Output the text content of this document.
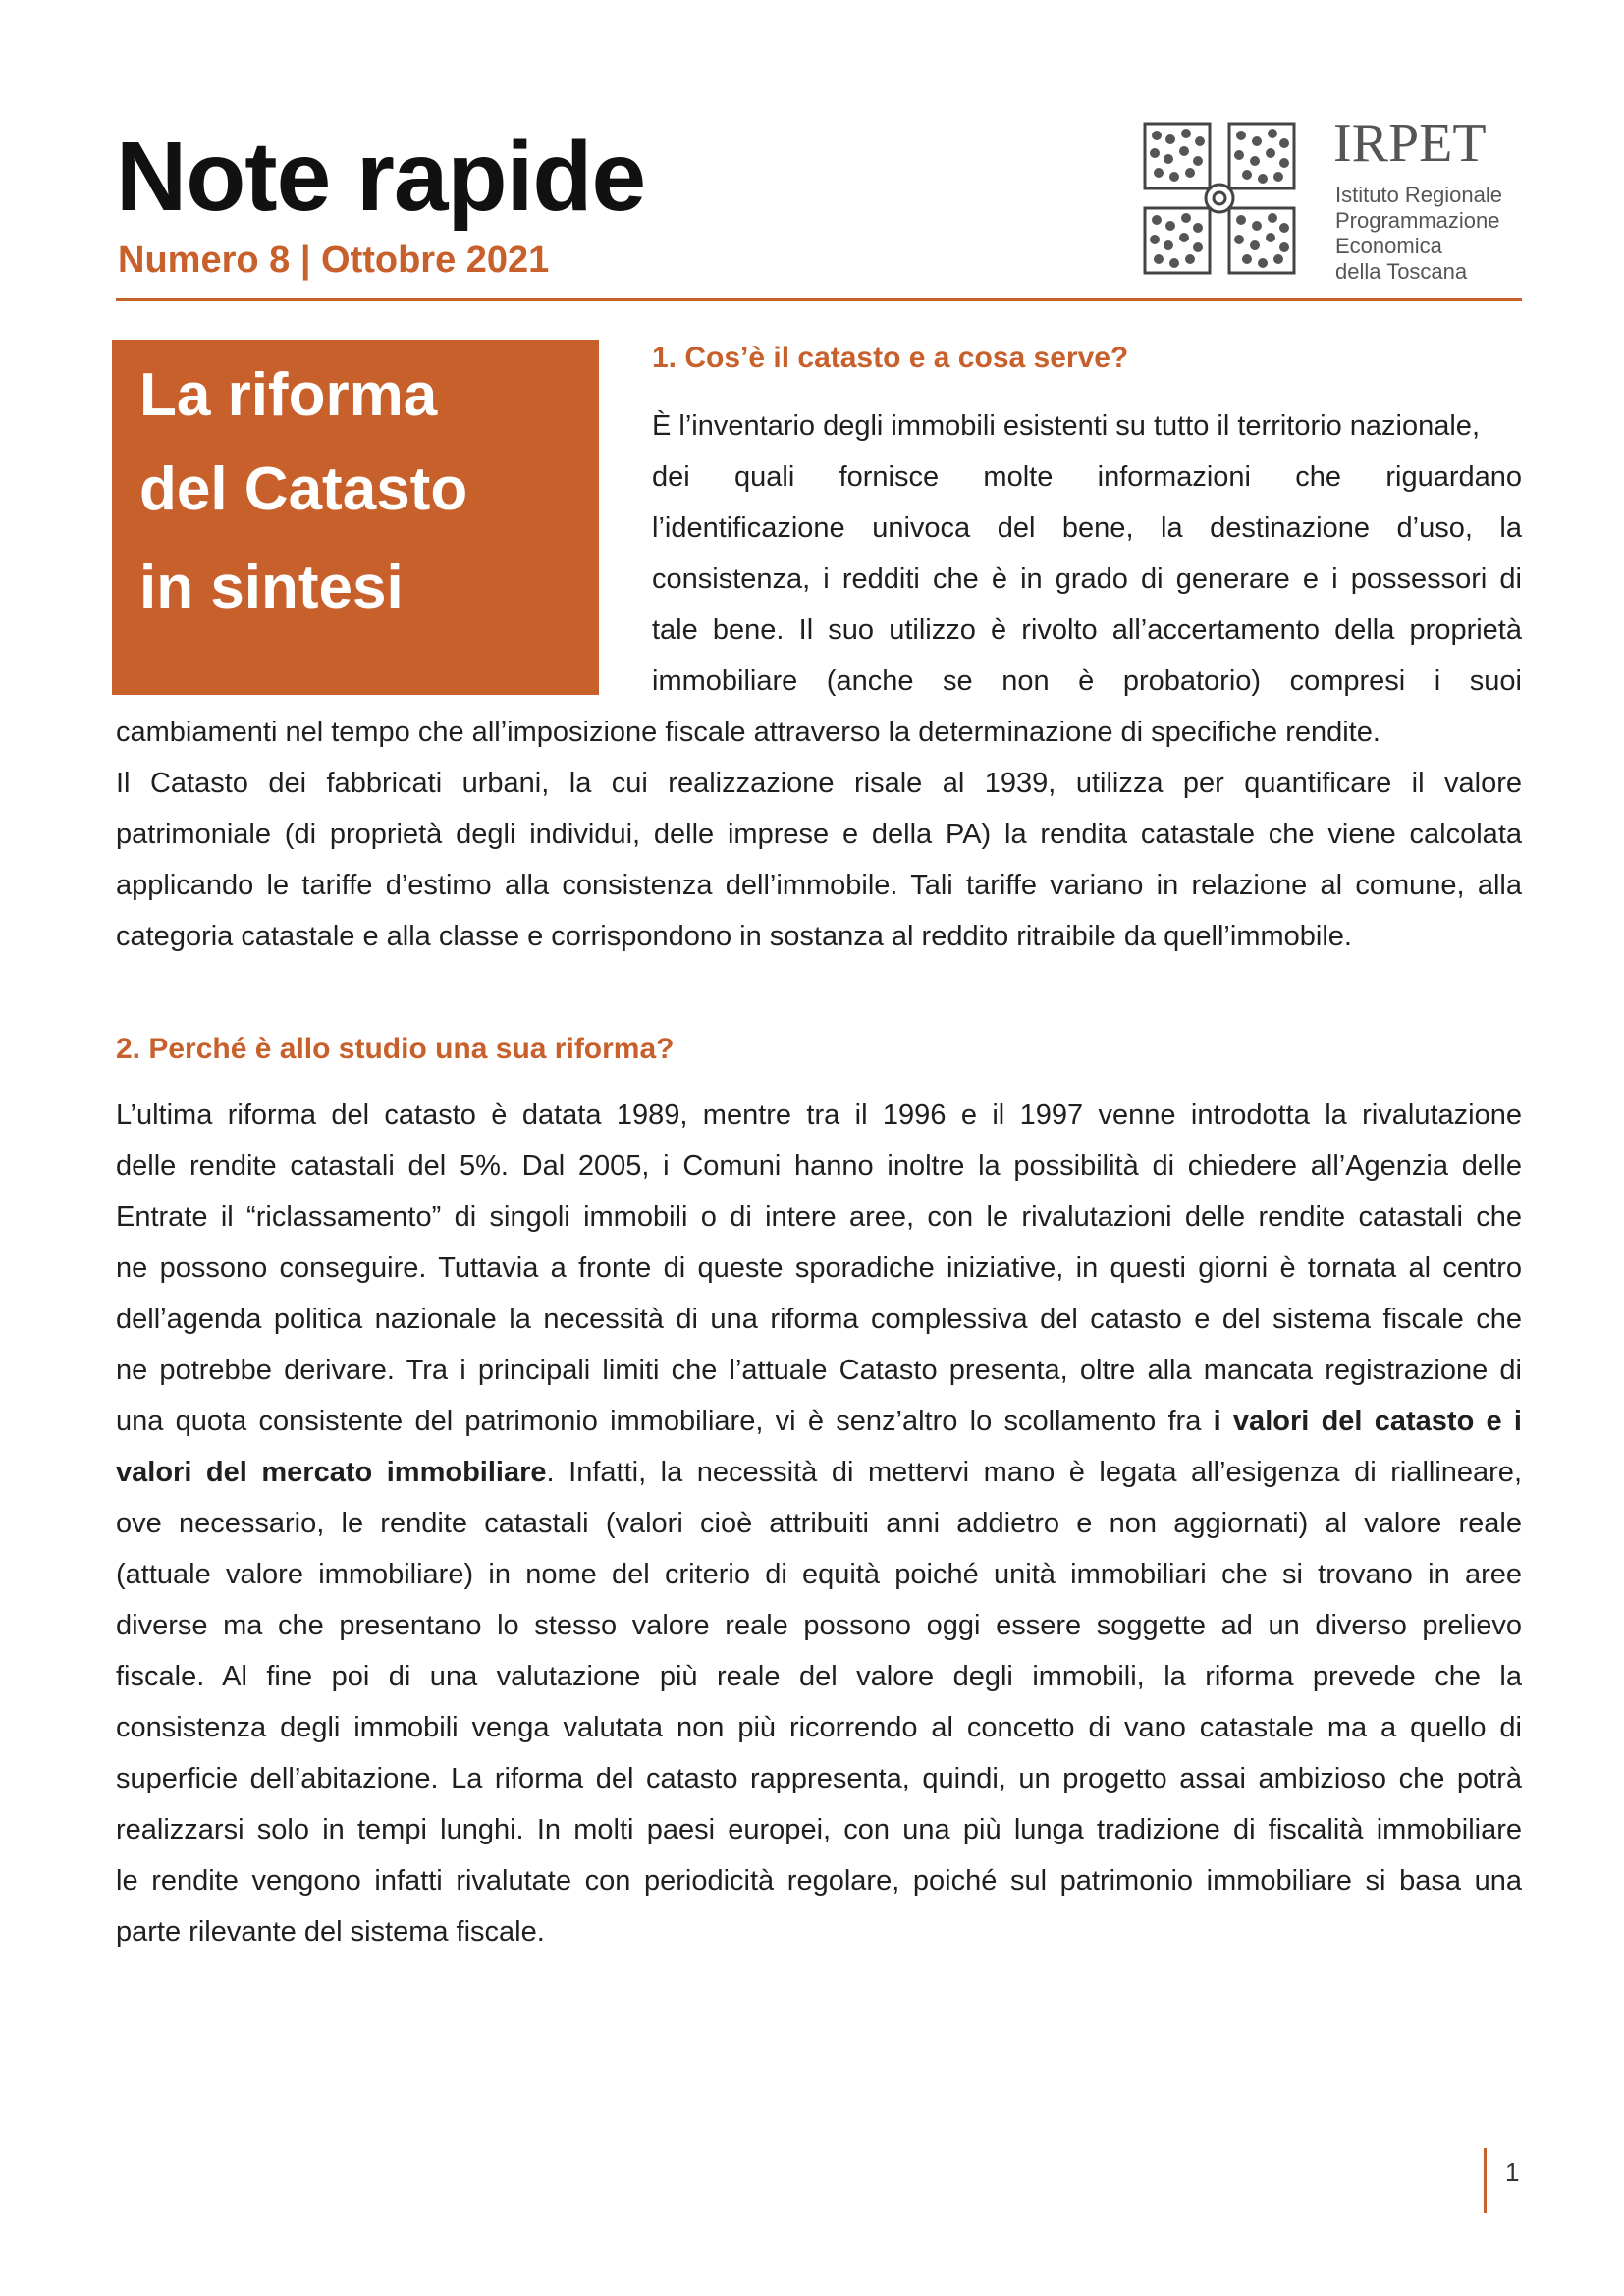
Note rapide
Numero 8 | Ottobre 2021
IRPET
Istituto Regionale
Programmazione
Economica
della Toscana
La riforma
del Catasto
in sintesi
1. Cos’è il catasto e a cosa serve?
È l’inventario degli immobili esistenti su tutto il territorio nazionale,
dei quali fornisce molte informazioni che riguardano
l’identificazione univoca del bene, la destinazione d’uso, la
consistenza, i redditi che è in grado di generare e i possessori di
tale bene. Il suo utilizzo è rivolto all’accertamento della proprietà
immobiliare (anche se non è probatorio) compresi i suoi
cambiamenti nel tempo che all’imposizione fiscale attraverso la determinazione di specifiche rendite.
Il Catasto dei fabbricati urbani, la cui realizzazione risale al 1939, utilizza per quantificare il valore
patrimoniale (di proprietà degli individui, delle imprese e della PA) la rendita catastale che viene calcolata
applicando le tariffe d’estimo alla consistenza dell’immobile. Tali tariffe variano in relazione al comune, alla
categoria catastale e alla classe e corrispondono in sostanza al reddito ritraibile da quell’immobile.
2. Perché è allo studio una sua riforma?
L’ultima riforma del catasto è datata 1989, mentre tra il 1996 e il 1997 venne introdotta la rivalutazione
delle rendite catastali del 5%. Dal 2005, i Comuni hanno inoltre la possibilità di chiedere all’Agenzia delle
Entrate il “riclassamento” di singoli immobili o di intere aree, con le rivalutazioni delle rendite catastali che
ne possono conseguire. Tuttavia a fronte di queste sporadiche iniziative, in questi giorni è tornata al centro
dell’agenda politica nazionale la necessità di una riforma complessiva del catasto e del sistema fiscale che
ne potrebbe derivare. Tra i principali limiti che l’attuale Catasto presenta, oltre alla mancata registrazione di
una quota consistente del patrimonio immobiliare, vi è senz’altro lo scollamento fra i valori del catasto e i
valori del mercato immobiliare. Infatti, la necessità di mettervi mano è legata all’esigenza di riallineare,
ove necessario, le rendite catastali (valori cioè attribuiti anni addietro e non aggiornati) al valore reale
(attuale valore immobiliare) in nome del criterio di equità poiché unità immobiliari che si trovano in aree
diverse ma che presentano lo stesso valore reale possono oggi essere soggette ad un diverso prelievo
fiscale. Al fine poi di una valutazione più reale del valore degli immobili, la riforma prevede che la
consistenza degli immobili venga valutata non più ricorrendo al concetto di vano catastale ma a quello di
superficie dell’abitazione. La riforma del catasto rappresenta, quindi, un progetto assai ambizioso che potrà
realizzarsi solo in tempi lunghi. In molti paesi europei, con una più lunga tradizione di fiscalità immobiliare
le rendite vengono infatti rivalutate con periodicità regolare, poiché sul patrimonio immobiliare si basa una
parte rilevante del sistema fiscale.
1
